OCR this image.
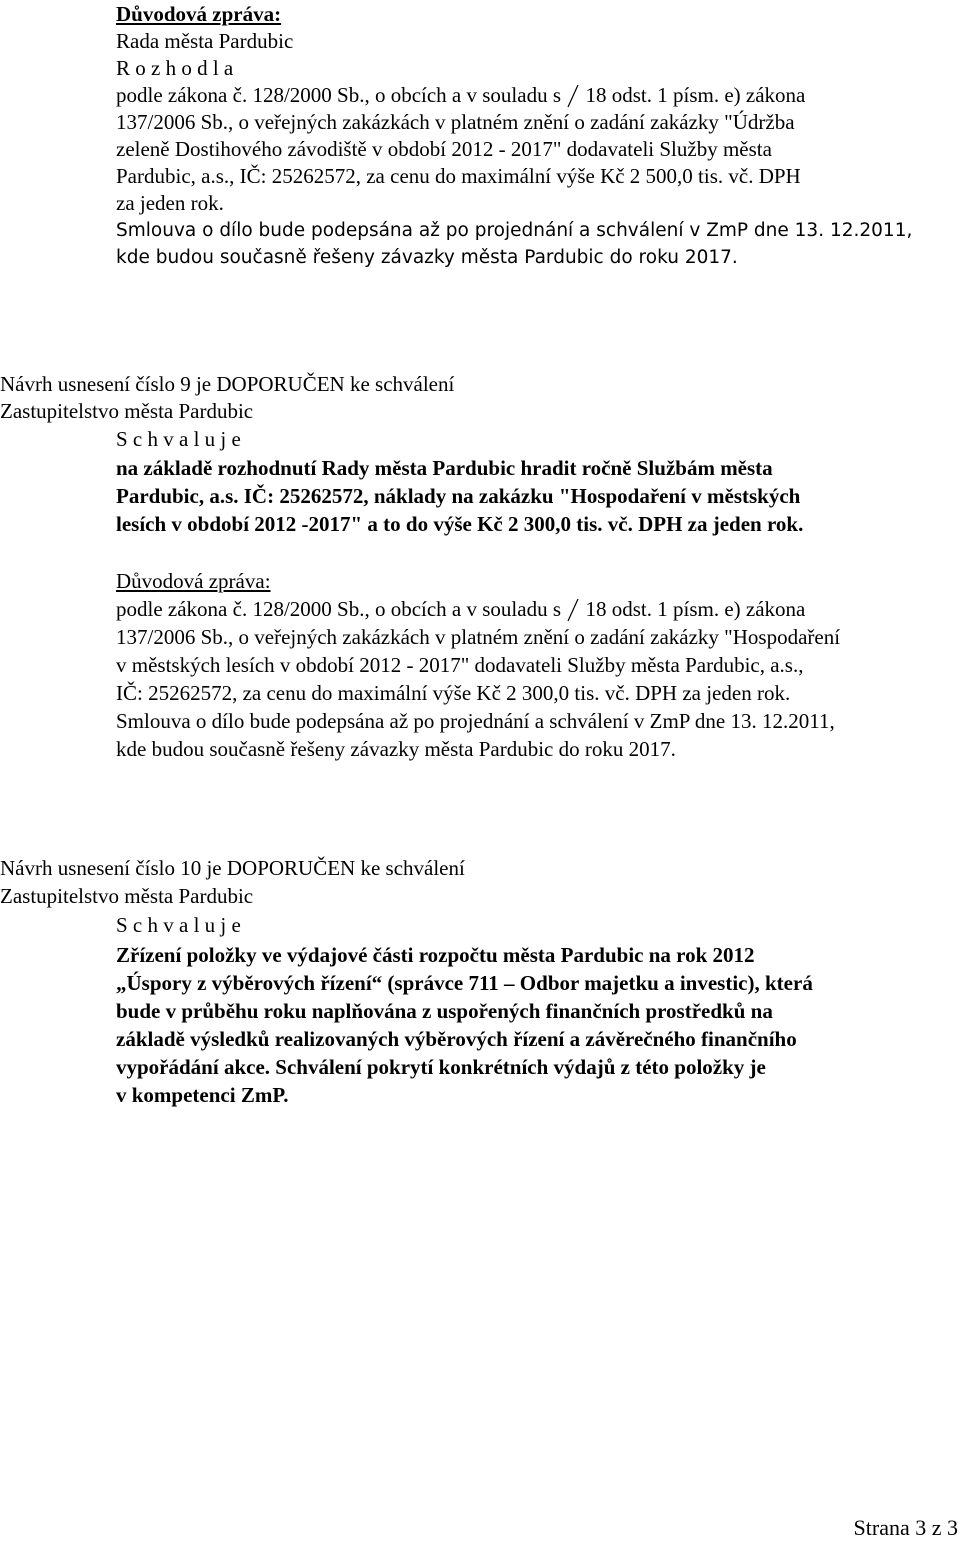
Důvodová zpráva:

Rada města Pardubic

R o z h o d l a

podle zákona č. 128/2000 Sb., o obcích a v souladu s 18 odst. 1 písm. e) zákona

137/2006 Sb., o veřejných zakázkách v platném znění o zadání zakázky "Údržba

zeleně Dostihového závodiště v období 2012 - 2017" dodavateli Služby města

Pardubic, a.s., IČ: 25262572, za cenu do maximální výše Kč 2 500,0 tis. vč. DPH

za jeden rok.

Smlouva o dílo bude podepsána až po projednání a schválení v ZmP dne 13. 12.2011,

kde budou současně řešeny závazky města Pardubic do roku 2017.

Návrh usnesení číslo 9 je DOPORUČEN ke schválení

Zastupitelstvo města Pardubic

S c h v a l u j e

na základě rozhodnutí Rady města Pardubic hradit ročně Službám města

Pardubic, a.s. IČ: 25262572, náklady na zakázku "Hospodaření v městských

lesích v období 2012 -2017" a to do výše Kč 2 300,0 tis. vč. DPH za jeden rok.

Důvodová zpráva:

podle zákona č. 128/2000 Sb., o obcích a v souladu s 18 odst. 1 písm. e) zákona

137/2006 Sb., o veřejných zakázkách v platném znění o zadání zakázky "Hospodaření

v městských lesích v období 2012 - 2017" dodavateli Služby města Pardubic, a.s.,

IČ: 25262572, za cenu do maximální výše Kč 2 300,0 tis. vč. DPH za jeden rok.

Smlouva o dílo bude podepsána až po projednání a schválení v ZmP dne 13. 12.2011,

kde budou současně řešeny závazky města Pardubic do roku 2017.

Návrh usnesení číslo 10 je DOPORUČEN ke schválení

Zastupitelstvo města Pardubic

S c h v a l u j e

Zřízení položky ve výdajové části rozpočtu města Pardubic na rok 2012

„Úspory z výběrových řízení“ (správce 711 – Odbor majetku a investic), která

bude v průběhu roku naplňována z uspořených finančních prostředků na

základě výsledků realizovaných výběrových řízení a závěrečného finančního

vypořádání akce. Schválení pokrytí konkrétních výdajů z této položky je

v kompetenci ZmP.

Strana 3 z 3
